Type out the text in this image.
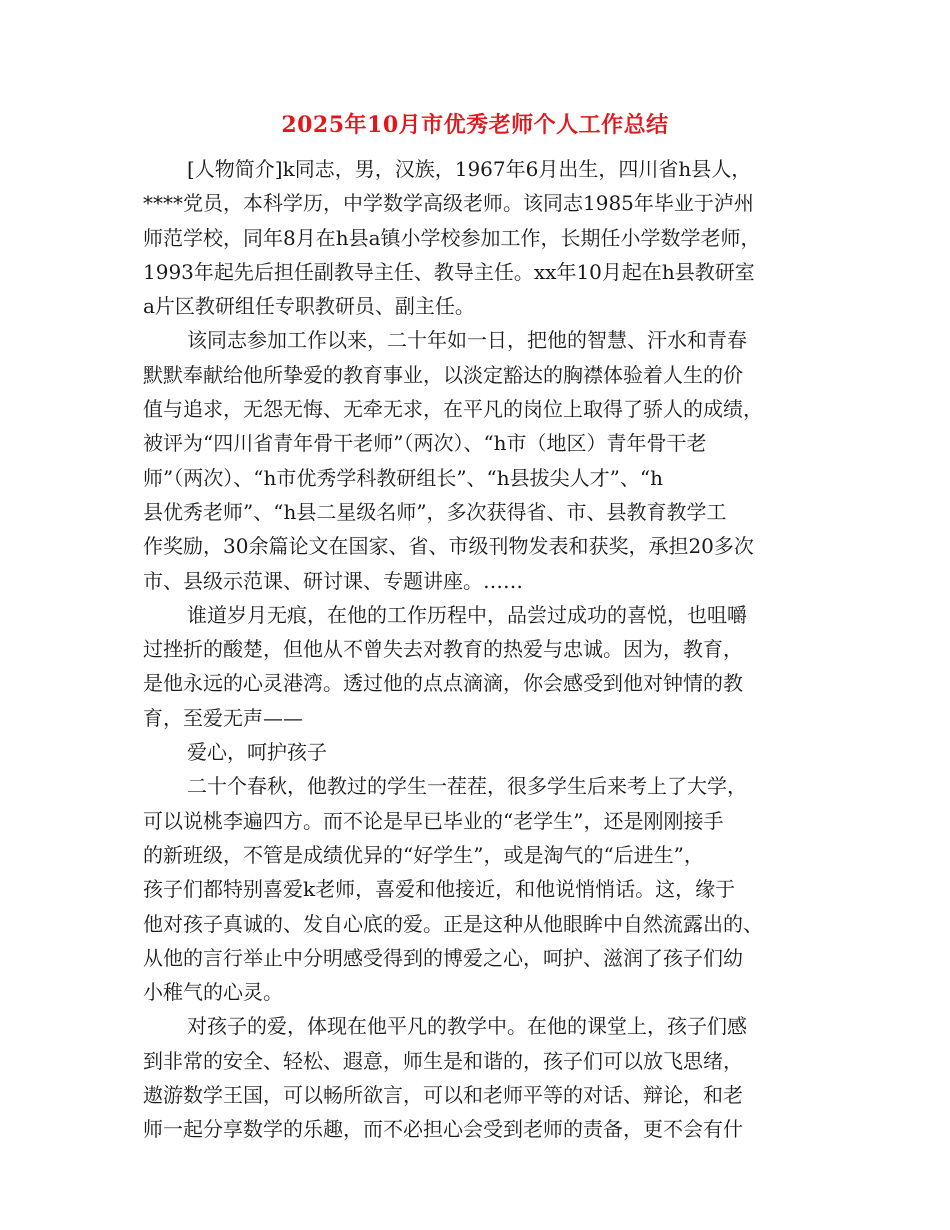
2025年10月市优秀老师个人工作总结
[人物简介]k同志，男，汉族，1967年6月出生，四川省h县人，
****党员，本科学历，中学数学高级老师。该同志1985年毕业于泸州
师范学校，同年8月在h县a镇小学校参加工作，长期任小学数学老师，
1993年起先后担任副教导主任、教导主任。xx年10月起在h县教研室
a片区教研组任专职教研员、副主任。
该同志参加工作以来，二十年如一日，把他的智慧、汗水和青春
默默奉献给他所挚爱的教育事业，以淡定豁达的胸襟体验着人生的价
值与追求，无怨无悔、无牵无求，在平凡的岗位上取得了骄人的成绩，
被评为“四川省青年骨干老师”（两次）、“h市（地区）青年骨干老
师”（两次）、“h市优秀学科教研组长”、“h县拔尖人才”、“h
县优秀老师”、“h县二星级名师”，多次获得省、市、县教育教学工
作奖励，30余篇论文在国家、省、市级刊物发表和获奖，承担20多次
市、县级示范课、研讨课、专题讲座。……
谁道岁月无痕，在他的工作历程中，品尝过成功的喜悦，也咀嚼
过挫折的酸楚，但他从不曾失去对教育的热爱与忠诚。因为，教育，
是他永远的心灵港湾。透过他的点点滴滴，你会感受到他对钟情的教
育，至爱无声——
爱心，呵护孩子
二十个春秋，他教过的学生一茬茬，很多学生后来考上了大学，
可以说桃李遍四方。而不论是早已毕业的“老学生”，还是刚刚接手
的新班级，不管是成绩优异的“好学生”，或是淘气的“后进生”，
孩子们都特别喜爱k老师，喜爱和他接近，和他说悄悄话。这，缘于
他对孩子真诚的、发自心底的爱。正是这种从他眼眸中自然流露出的、
从他的言行举止中分明感受得到的博爱之心，呵护、滋润了孩子们幼
小稚气的心灵。
对孩子的爱，体现在他平凡的教学中。在他的课堂上，孩子们感
到非常的安全、轻松、遐意，师生是和谐的，孩子们可以放飞思绪，
遨游数学王国，可以畅所欲言，可以和老师平等的对话、辩论，和老
师一起分享数学的乐趣，而不必担心会受到老师的责备，更不会有什
